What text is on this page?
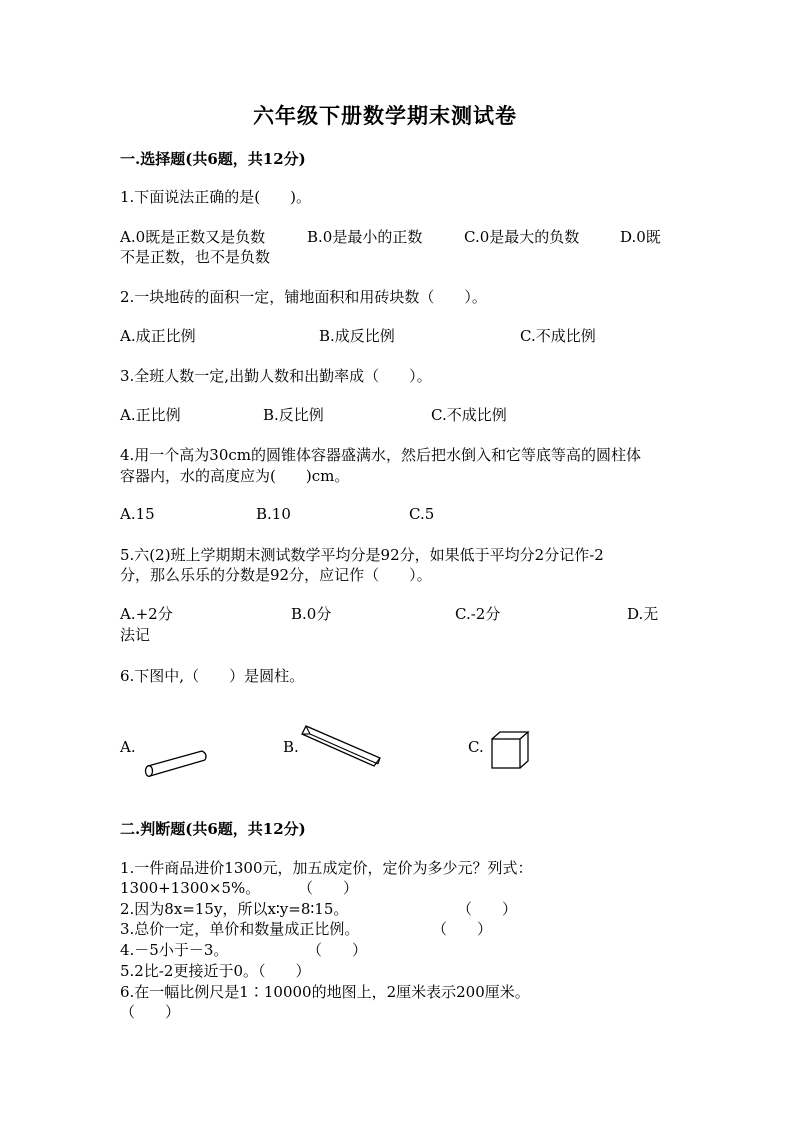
六年级下册数学期末测试卷
一.选择题(共6题，共12分)
1.下面说法正确的是(　　)。
A.0既是正数又是负数	B.0是最小的正数	C.0是最大的负数	D.0既
不是正数，也不是负数
2.一块地砖的面积一定，铺地面积和用砖块数（　　）。
A.成正比例	B.成反比例	C.不成比例
3.全班人数一定,出勤人数和出勤率成（　　）。
A.正比例	B.反比例	C.不成比例
4.用一个高为30cm的圆锥体容器盛满水，然后把水倒入和它等底等高的圆柱体
容器内，水的高度应为(　　)cm。
A.15	B.10	C.5
5.六(2)班上学期期末测试数学平均分是92分，如果低于平均分2分记作-2
分，那么乐乐的分数是92分，应记作（　　）。
A.+2分	B.0分	C.-2分	D.无
法记
6.下图中,（　　）是圆柱。
A.	B.	C.
二.判断题(共6题，共12分)
1.一件商品进价1300元，加五成定价，定价为多少元？列式：
1300+1300×5%。	（　　）
2.因为8x=15y，所以x∶y=8∶15。	（　　）
3.总价一定，单价和数量成正比例。	（　　）
4.－5小于－3。	（　　）
5.2比-2更接近于0。（　　）
6.在一幅比例尺是1∶10000的地图上，2厘米表示200厘米。
（　　）
